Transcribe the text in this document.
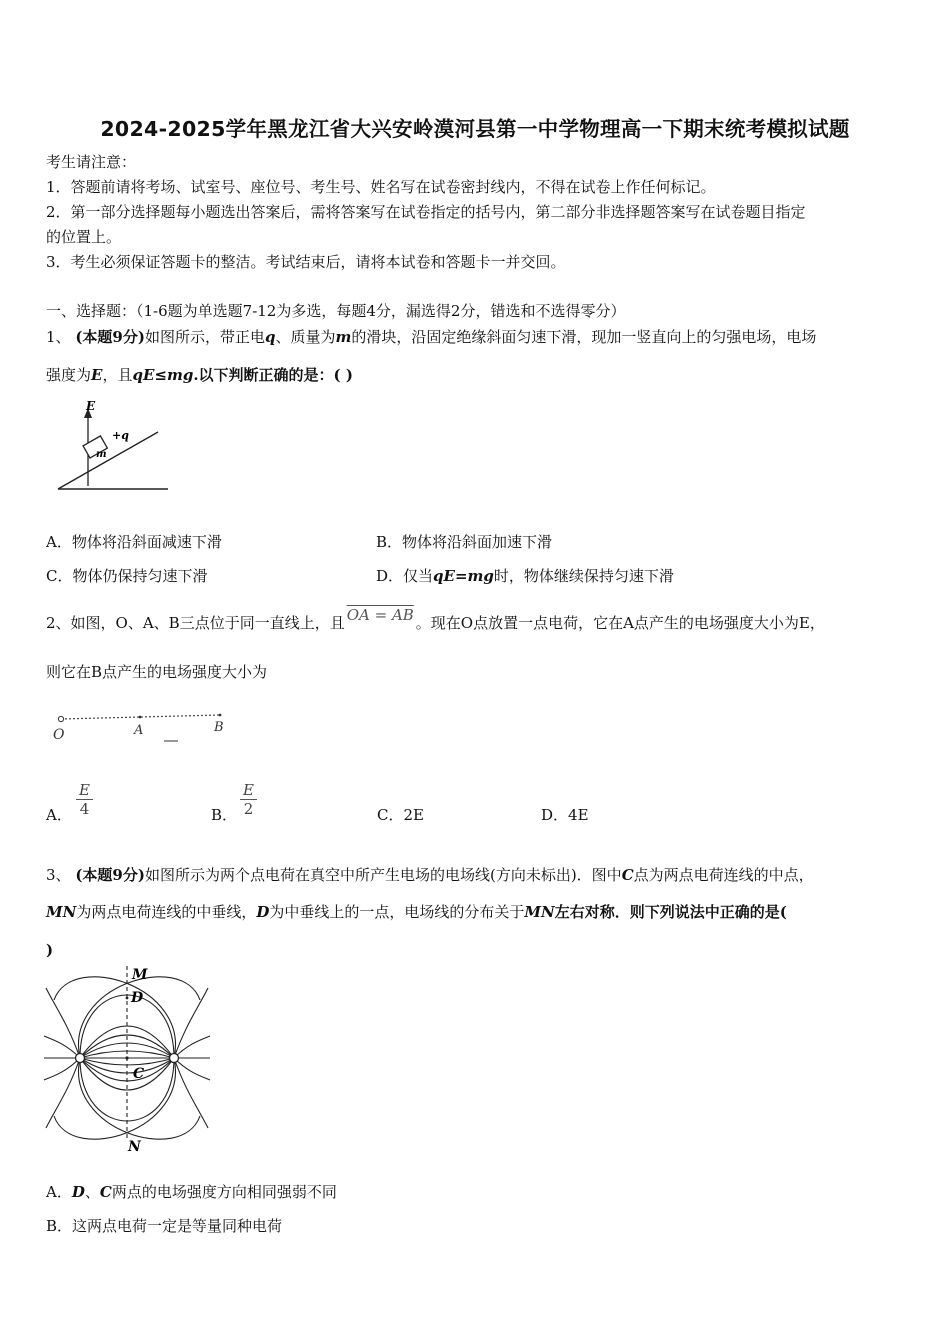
2024-2025学年黑龙江省大兴安岭漠河县第一中学物理高一下期末统考模拟试题
考生请注意：
1．答题前请将考场、试室号、座位号、考生号、姓名写在试卷密封线内，不得在试卷上作任何标记。
2．第一部分选择题每小题选出答案后，需将答案写在试卷指定的括号内，第二部分非选择题答案写在试卷题目指定
的位置上。
3．考生必须保证答题卡的整洁。考试结束后，请将本试卷和答题卡一并交回。
一、选择题：（1-6题为单选题7-12为多选，每题4分，漏选得2分，错选和不选得零分）
1、 (本题9分)如图所示，带正电q、质量为m的滑块，沿固定绝缘斜面匀速下滑，现加一竖直向上的匀强电场，电场
强度为E，且qE≤mg.以下判断正确的是：( )
E
+q
m
A．物体将沿斜面减速下滑	B．物体将沿斜面加速下滑
C．物体仍保持匀速下滑	D．仅当qE=mg时，物体继续保持匀速下滑
2、如图，O、A、B三点位于同一直线上，且 OA = AB 。现在O点放置一点电荷，它在A点产生的电场强度大小为E，
则它在B点产生的电场强度大小为
O	A	B
A． $\frac{E}{4}$	B． $\frac{E}{2}$	C．2E	D．4E
3、 (本题9分)如图所示为两个点电荷在真空中所产生电场的电场线(方向未标出)．图中C点为两点电荷连线的中点，
MN为两点电荷连线的中垂线，D为中垂线上的一点，电场线的分布关于MN左右对称．则下列说法中正确的是(
)
M
D
C
N
A．D、C两点的电场强度方向相同强弱不同
B．这两点电荷一定是等量同种电荷
